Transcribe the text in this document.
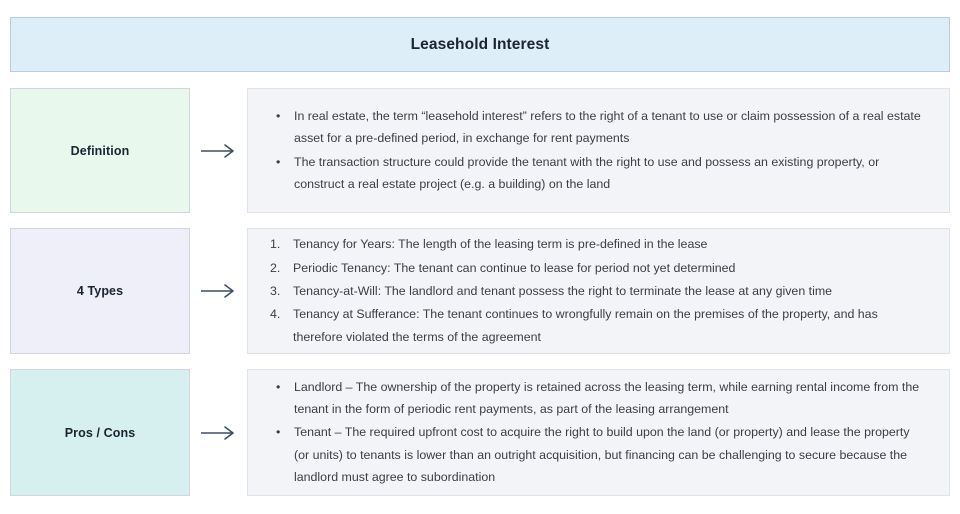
Leasehold Interest
Definition
• In real estate, the term “leasehold interest” refers to the right of a tenant to use or claim possession of a real estate asset for a pre-defined period, in exchange for rent payments
• The transaction structure could provide the tenant with the right to use and possess an existing property, or construct a real estate project (e.g. a building) on the land
4 Types
1. Tenancy for Years: The length of the leasing term is pre-defined in the lease
2. Periodic Tenancy: The tenant can continue to lease for period not yet determined
3. Tenancy-at-Will: The landlord and tenant possess the right to terminate the lease at any given time
4. Tenancy at Sufferance: The tenant continues to wrongfully remain on the premises of the property, and has therefore violated the terms of the agreement
Pros / Cons
• Landlord – The ownership of the property is retained across the leasing term, while earning rental income from the tenant in the form of periodic rent payments, as part of the leasing arrangement
• Tenant – The required upfront cost to acquire the right to build upon the land (or property) and lease the property (or units) to tenants is lower than an outright acquisition, but financing can be challenging to secure because the landlord must agree to subordination
